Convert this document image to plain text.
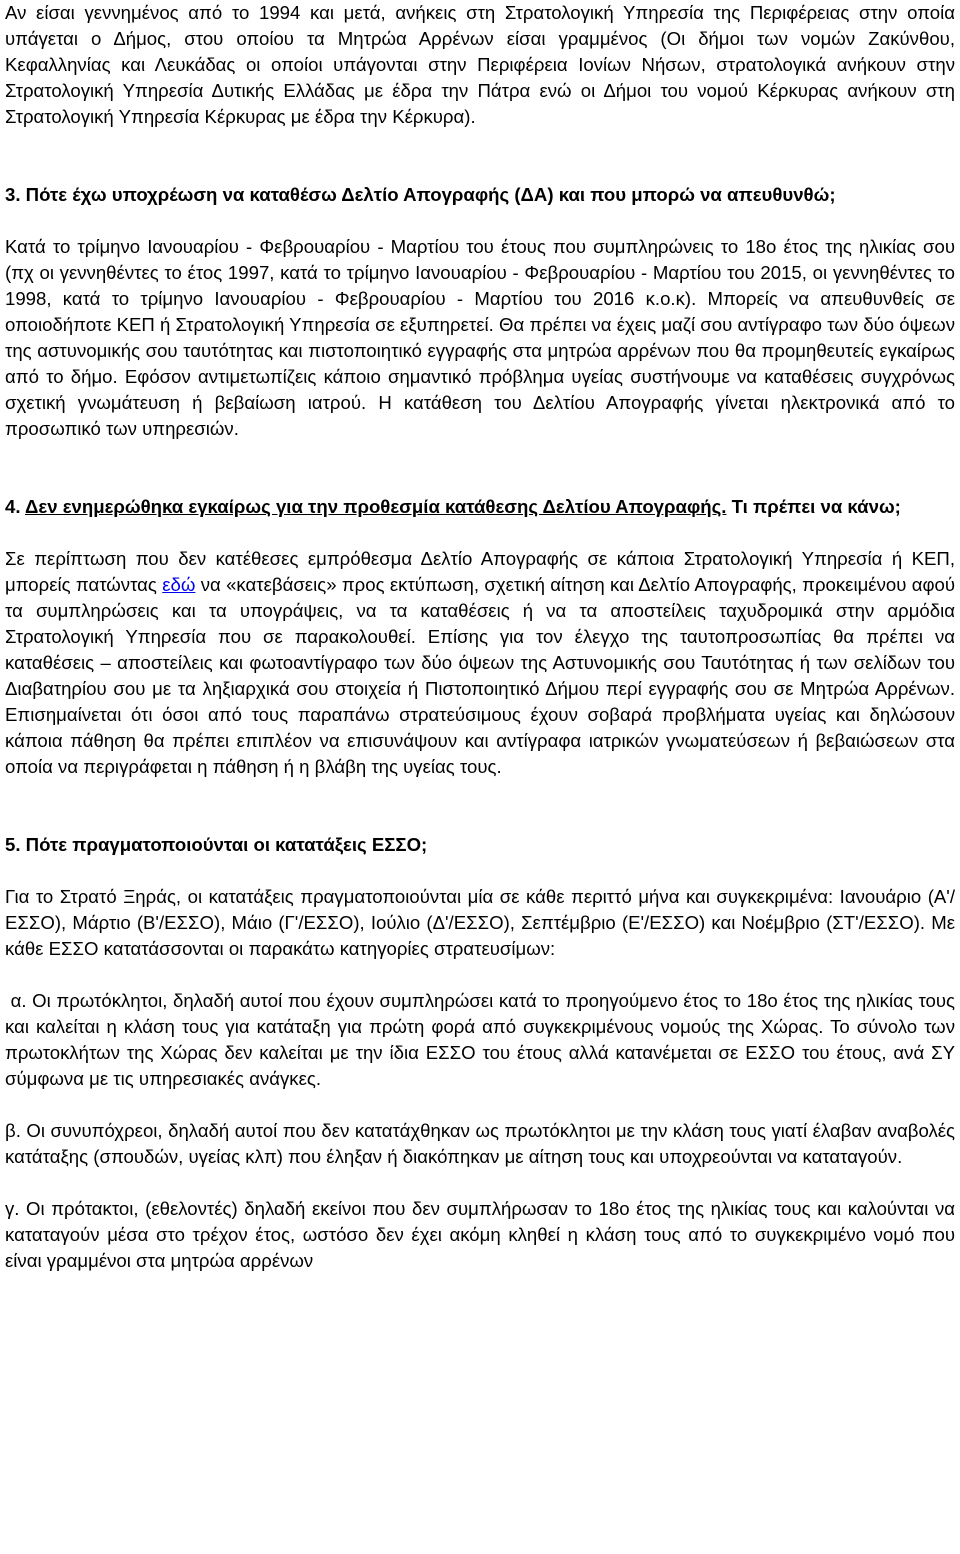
Αν είσαι γεννημένος από το 1994 και μετά, ανήκεις στη Στρατολογική Υπηρεσία της Περιφέρειας στην οποία υπάγεται ο Δήμος, στου οποίου τα Μητρώα Αρρένων είσαι γραμμένος (Οι δήμοι των νομών Ζακύνθου, Κεφαλληνίας και Λευκάδας οι οποίοι υπάγονται στην Περιφέρεια Ιονίων Νήσων, στρατολογικά ανήκουν στην Στρατολογική Υπηρεσία Δυτικής Ελλάδας με έδρα την Πάτρα ενώ οι Δήμοι του νομού Κέρκυρας ανήκουν στη Στρατολογική Υπηρεσία Κέρκυρας με έδρα την Κέρκυρα).

3. Πότε έχω υποχρέωση να καταθέσω Δελτίο Απογραφής (ΔΑ) και που μπορώ να απευθυνθώ;

Κατά το τρίμηνο Ιανουαρίου - Φεβρουαρίου - Μαρτίου του έτους που συμπληρώνεις το 18ο έτος της ηλικίας σου (πχ οι γεννηθέντες το έτος 1997, κατά το τρίμηνο Ιανουαρίου - Φεβρουαρίου - Μαρτίου του 2015, οι γεννηθέντες το 1998, κατά το τρίμηνο Ιανουαρίου - Φεβρουαρίου - Μαρτίου του 2016 κ.ο.κ). Μπορείς να απευθυνθείς σε οποιοδήποτε ΚΕΠ ή Στρατολογική Υπηρεσία σε εξυπηρετεί. Θα πρέπει να έχεις μαζί σου αντίγραφο των δύο όψεων της αστυνομικής σου ταυτότητας και πιστοποιητικό εγγραφής στα μητρώα αρρένων που θα προμηθευτείς εγκαίρως από το δήμο. Εφόσον αντιμετωπίζεις κάποιο σημαντικό πρόβλημα υγείας συστήνουμε να καταθέσεις συγχρόνως σχετική γνωμάτευση ή βεβαίωση ιατρού. Η κατάθεση του Δελτίου Απογραφής γίνεται ηλεκτρονικά από το προσωπικό των υπηρεσιών.

4. Δεν ενημερώθηκα εγκαίρως για την προθεσμία κατάθεσης Δελτίου Απογραφής. Τι πρέπει να κάνω;

Σε περίπτωση που δεν κατέθεσες εμπρόθεσμα Δελτίο Απογραφής σε κάποια Στρατολογική Υπηρεσία ή ΚΕΠ, μπορείς πατώντας εδώ να «κατεβάσεις» προς εκτύπωση, σχετική αίτηση και Δελτίο Απογραφής, προκειμένου αφού τα συμπληρώσεις και τα υπογράψεις, να τα καταθέσεις ή να τα αποστείλεις ταχυδρομικά στην αρμόδια Στρατολογική Υπηρεσία που σε παρακολουθεί. Επίσης για τον έλεγχο της ταυτοπροσωπίας θα πρέπει να καταθέσεις – αποστείλεις και φωτοαντίγραφο των δύο όψεων της Αστυνομικής σου Ταυτότητας ή των σελίδων του Διαβατηρίου σου με τα ληξιαρχικά σου στοιχεία ή Πιστοποιητικό Δήμου περί εγγραφής σου σε Μητρώα Αρρένων. Επισημαίνεται ότι όσοι από τους παραπάνω στρατεύσιμους έχουν σοβαρά προβλήματα υγείας και δηλώσουν κάποια πάθηση θα πρέπει επιπλέον να επισυνάψουν και αντίγραφα ιατρικών γνωματεύσεων ή βεβαιώσεων στα οποία να περιγράφεται η πάθηση ή η βλάβη της υγείας τους.

5. Πότε πραγματοποιούνται οι κατατάξεις ΕΣΣΟ;

Για το Στρατό Ξηράς, οι κατατάξεις πραγματοποιούνται μία σε κάθε περιττό μήνα και συγκεκριμένα: Ιανουάριο (Α'/ΕΣΣΟ), Μάρτιο (Β'/ΕΣΣΟ), Μάιο (Γ'/ΕΣΣΟ), Ιούλιο (Δ'/ΕΣΣΟ), Σεπτέμβριο (Ε'/ΕΣΣΟ) και Νοέμβριο (ΣΤ'/ΕΣΣΟ). Με κάθε ΕΣΣΟ κατατάσσονται οι παρακάτω κατηγορίες στρατευσίμων:

α. Οι πρωτόκλητοι, δηλαδή αυτοί που έχουν συμπληρώσει κατά το προηγούμενο έτος το 18ο έτος της ηλικίας τους και καλείται η κλάση τους για κατάταξη για πρώτη φορά από συγκεκριμένους νομούς της Χώρας. Το σύνολο των πρωτοκλήτων της Χώρας δεν καλείται με την ίδια ΕΣΣΟ του έτους αλλά κατανέμεται σε ΕΣΣΟ του έτους, ανά ΣΥ σύμφωνα με τις υπηρεσιακές ανάγκες.

β. Οι συνυπόχρεοι, δηλαδή αυτοί που δεν κατατάχθηκαν ως πρωτόκλητοι με την κλάση τους γιατί έλαβαν αναβολές κατάταξης (σπουδών, υγείας κλπ) που έληξαν ή διακόπηκαν με αίτηση τους και υποχρεούνται να καταταγούν.

γ. Οι πρότακτοι, (εθελοντές) δηλαδή εκείνοι που δεν συμπλήρωσαν το 18ο έτος της ηλικίας τους και καλούνται να καταταγούν μέσα στο τρέχον έτος, ωστόσο δεν έχει ακόμη κληθεί η κλάση τους από το συγκεκριμένο νομό που είναι γραμμένοι στα μητρώα αρρένων
